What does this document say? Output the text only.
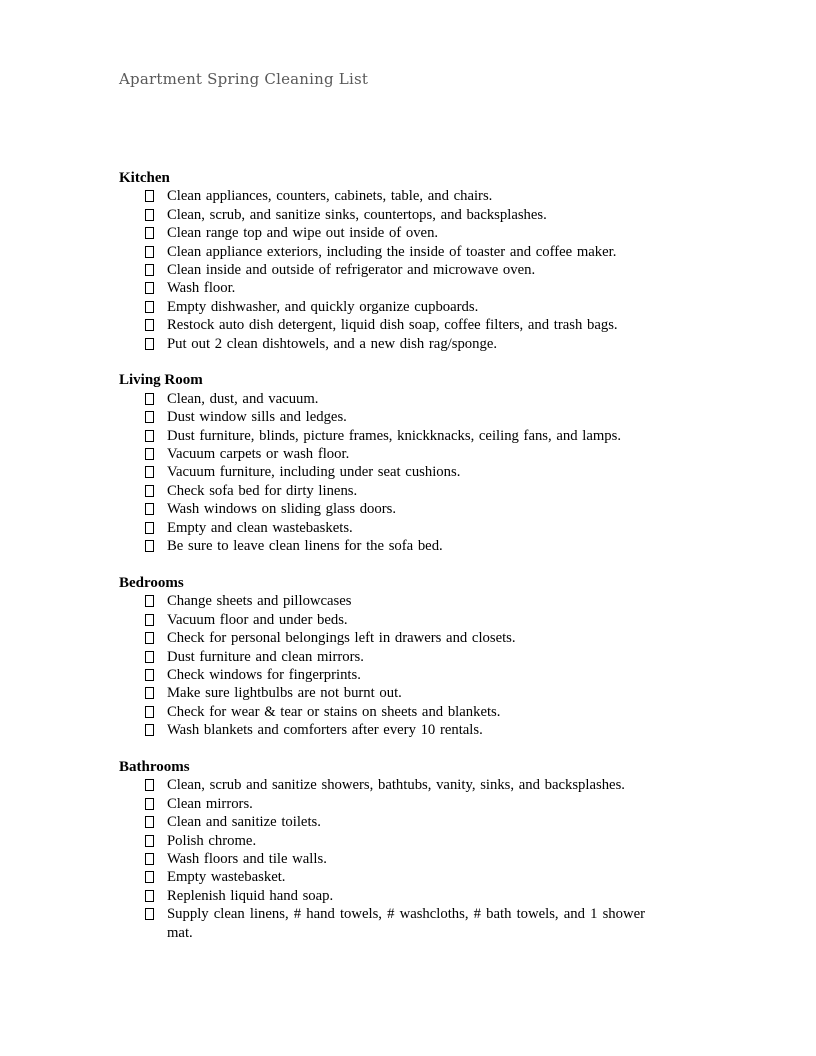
Apartment Spring Cleaning List
Kitchen
Clean appliances, counters, cabinets, table, and chairs.
Clean, scrub, and sanitize sinks, countertops, and backsplashes.
Clean range top and wipe out inside of oven.
Clean appliance exteriors, including the inside of toaster and coffee maker.
Clean inside and outside of refrigerator and microwave oven.
Wash floor.
Empty dishwasher, and quickly organize cupboards.
Restock auto dish detergent, liquid dish soap, coffee filters, and trash bags.
Put out 2 clean dishtowels, and a new dish rag/sponge.
Living Room
Clean, dust, and vacuum.
Dust window sills and ledges.
Dust furniture, blinds, picture frames, knickknacks, ceiling fans, and lamps.
Vacuum carpets or wash floor.
Vacuum furniture, including under seat cushions.
Check sofa bed for dirty linens.
Wash windows on sliding glass doors.
Empty and clean wastebaskets.
Be sure to leave clean linens for the sofa bed.
Bedrooms
Change sheets and pillowcases
Vacuum floor and under beds.
Check for personal belongings left in drawers and closets.
Dust furniture and clean mirrors.
Check windows for fingerprints.
Make sure lightbulbs are not burnt out.
Check for wear & tear or stains on sheets and blankets.
Wash blankets and comforters after every 10 rentals.
Bathrooms
Clean, scrub and sanitize showers, bathtubs, vanity, sinks, and backsplashes.
Clean mirrors.
Clean and sanitize toilets.
Polish chrome.
Wash floors and tile walls.
Empty wastebasket.
Replenish liquid hand soap.
Supply clean linens, # hand towels, # washcloths, # bath towels, and 1 shower mat.
